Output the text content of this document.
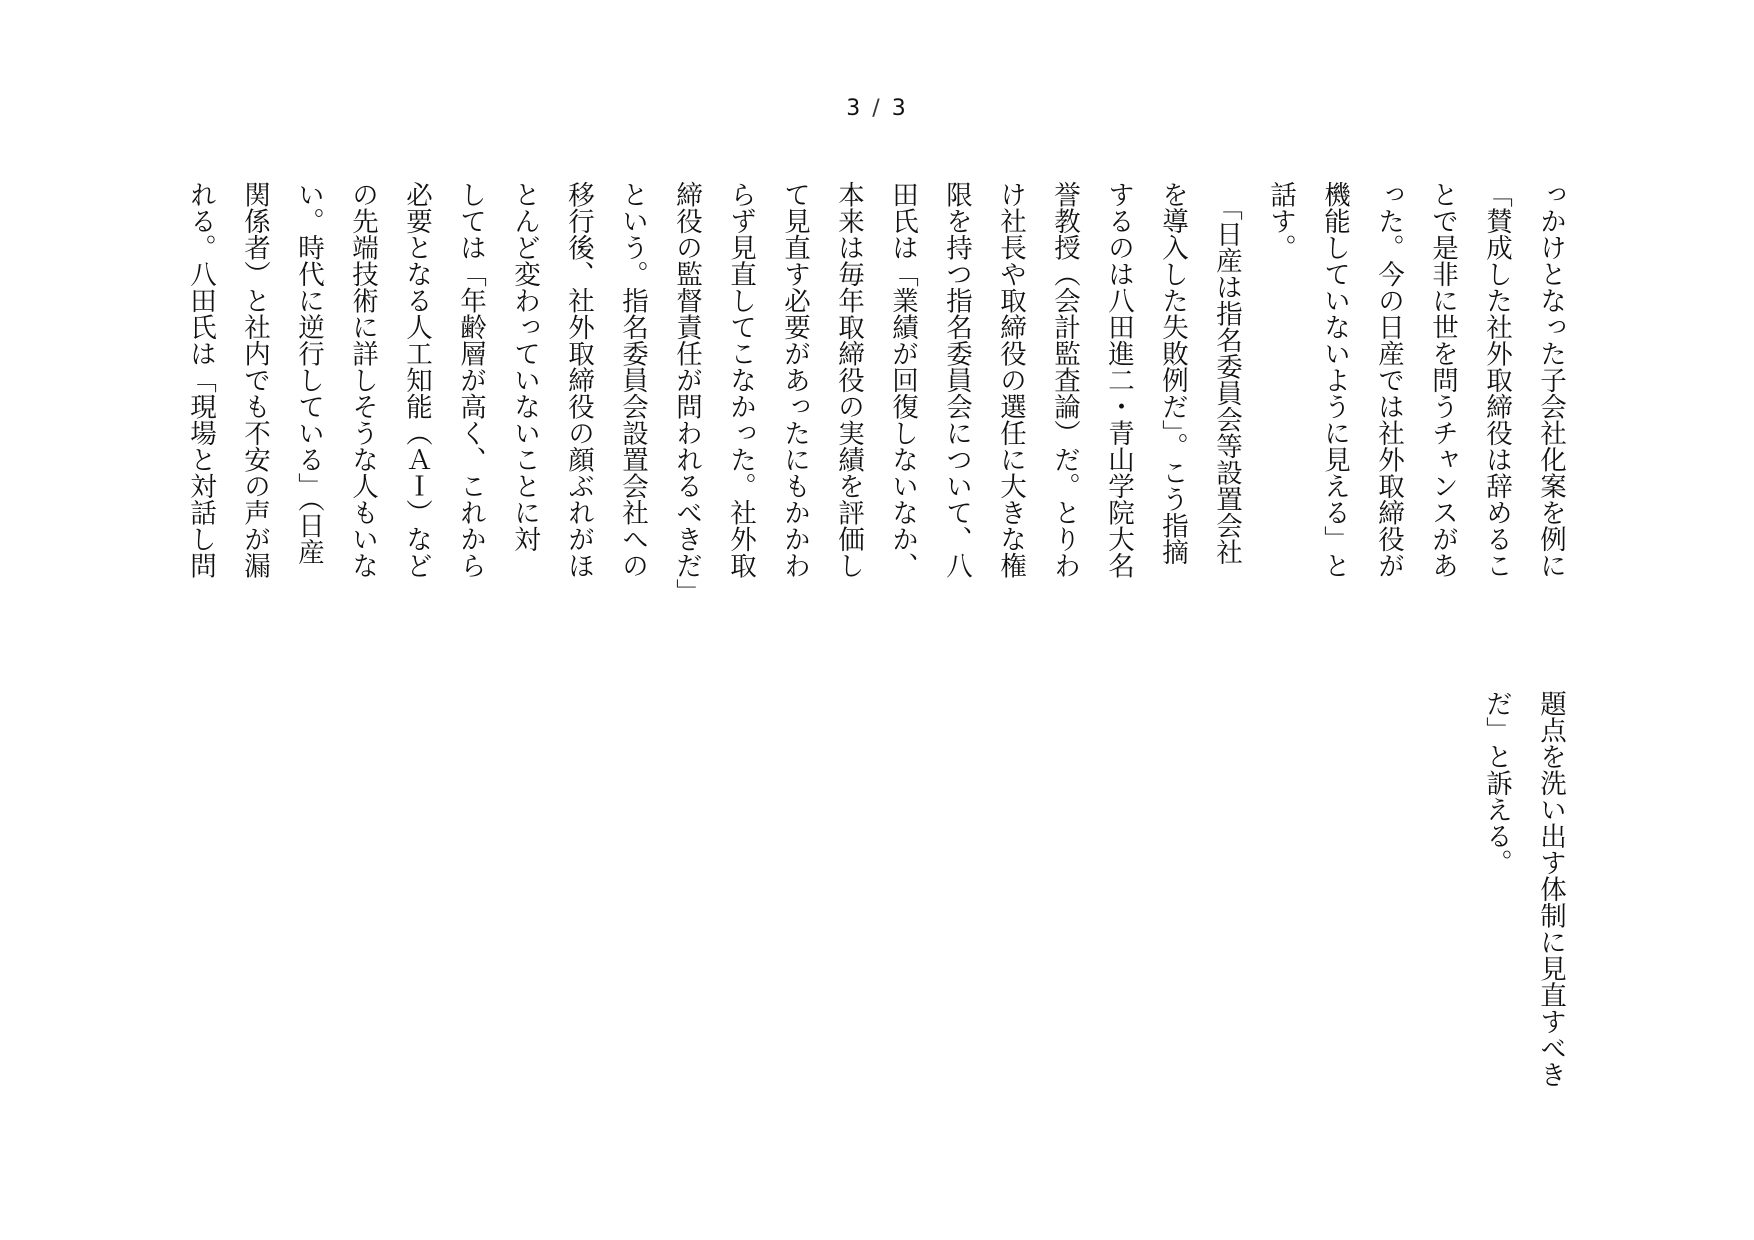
3 / 3
っかけとなった子会社化案を例に
「賛成した社外取締役は辞めるこ
とで是非に世を問うチャンスがあ
った。今の日産では社外取締役が
機能していないように見える」と
話す。
　「日産は指名委員会等設置会社
を導入した失敗例だ」。こう指摘
するのは八田進二・青山学院大名
誉教授（会計監査論）だ。とりわ
け社長や取締役の選任に大きな権
限を持つ指名委員会について、八
田氏は「業績が回復しないなか、
本来は毎年取締役の実績を評価し
て見直す必要があったにもかかわ
らず見直してこなかった。社外取
締役の監督責任が問われるべきだ」
という。指名委員会設置会社への
移行後、社外取締役の顔ぶれがほ
とんど変わっていないことに対
しては「年齢層が高く、これから
必要となる人工知能（ＡＩ）など
の先端技術に詳しそうな人もいな
い。時代に逆行している」（日産
関係者）と社内でも不安の声が漏
れる。八田氏は「現場と対話し問
題点を洗い出す体制に見直すべき
だ」と訴える。
